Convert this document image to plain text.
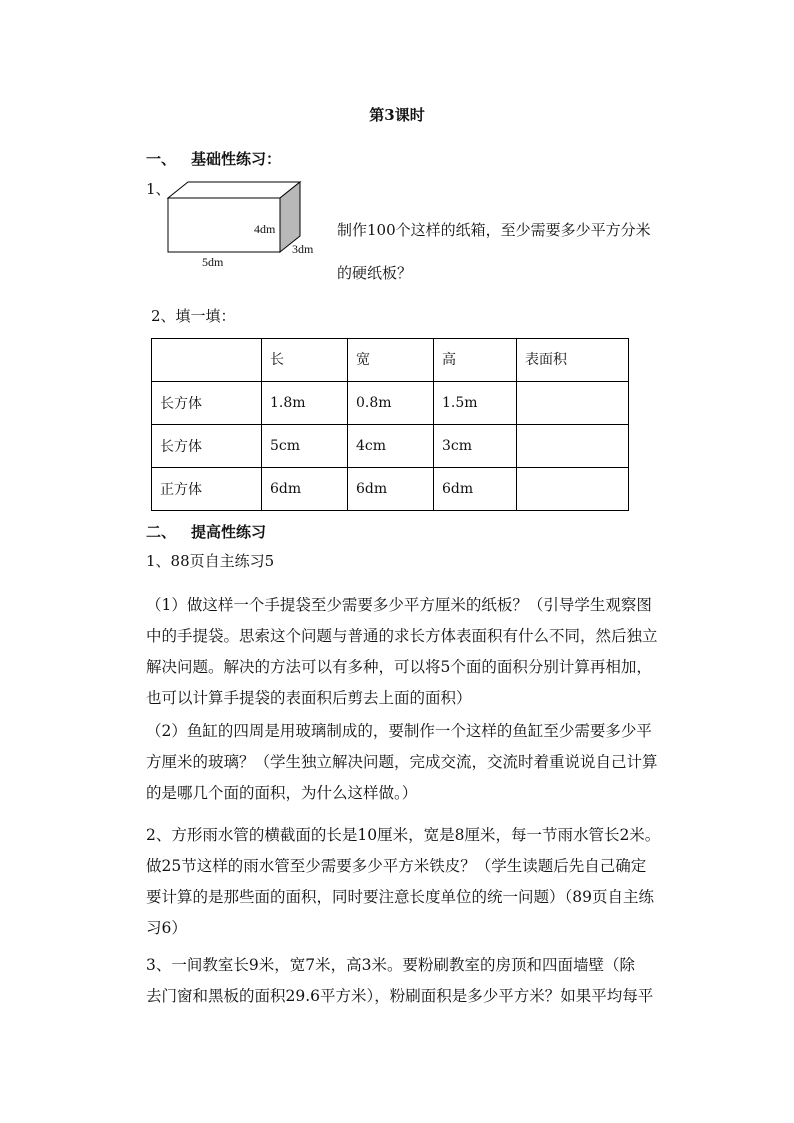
第3课时
一、 基础性练习：
1、
4dm
3dm
5dm
制作100个这样的纸箱，至少需要多少平方分米
的硬纸板？
2、填一填：
	长	宽	高	表面积
长方体	1.8m	0.8m	1.5m	
长方体	5cm	4cm	3cm	
正方体	6dm	6dm	6dm	
二、 提高性练习
1、88页自主练习5
（1）做这样一个手提袋至少需要多少平方厘米的纸板？（引导学生观察图
中的手提袋。思索这个问题与普通的求长方体表面积有什么不同，然后独立
解决问题。解决的方法可以有多种，可以将5个面的面积分别计算再相加，
也可以计算手提袋的表面积后剪去上面的面积）
（2）鱼缸的四周是用玻璃制成的，要制作一个这样的鱼缸至少需要多少平
方厘米的玻璃？（学生独立解决问题，完成交流，交流时着重说说自己计算
的是哪几个面的面积，为什么这样做。）
2、方形雨水管的横截面的长是10厘米，宽是8厘米，每一节雨水管长2米。
做25节这样的雨水管至少需要多少平方米铁皮？（学生读题后先自己确定
要计算的是那些面的面积，同时要注意长度单位的统一问题）（89页自主练
习6）
3、一间教室长9米，宽7米，高3米。要粉刷教室的房顶和四面墙壁（除
去门窗和黑板的面积29.6平方米），粉刷面积是多少平方米？如果平均每平
